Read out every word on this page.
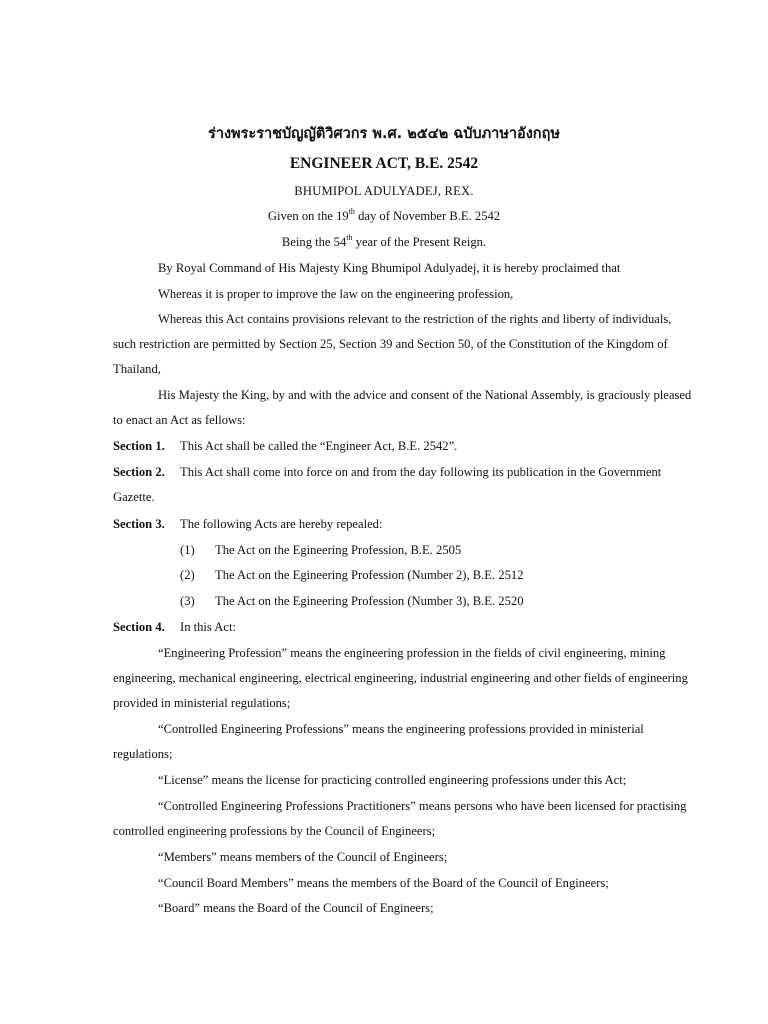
ร่างพระราชบัญญัติวิศวกร พ.ศ. ๒๕๔๒ ฉบับภาษาอังกฤษ
ENGINEER ACT, B.E. 2542
BHUMIPOL ADULYADEJ, REX.
Given on the 19th day of November B.E. 2542
Being the 54th year of the Present Reign.
By Royal Command of His Majesty King Bhumipol Adulyadej, it is hereby proclaimed that
Whereas it is proper to improve the law on the engineering profession,
Whereas this Act contains provisions relevant to the restriction of the rights and liberty of individuals,
such restriction are permitted by Section 25, Section 39 and Section 50, of the Constitution of the Kingdom of
Thailand,
His Majesty the King, by and with the advice and consent of the National Assembly, is graciously pleased
to enact an Act as fellows:
Section 1. This Act shall be called the “Engineer Act, B.E. 2542”.
Section 2. This Act shall come into force on and from the day following its publication in the Government
Gazette.
Section 3. The following Acts are hereby repealed:
(1) The Act on the Egineering Profession, B.E. 2505
(2) The Act on the Egineering Profession (Number 2), B.E. 2512
(3) The Act on the Egineering Profession (Number 3), B.E. 2520
Section 4. In this Act:
“Engineering Profession” means the engineering profession in the fields of civil engineering, mining
engineering, mechanical engineering, electrical engineering, industrial engineering and other fields of engineering
provided in ministerial regulations;
“Controlled Engineering Professions” means the engineering professions provided in ministerial
regulations;
“License” means the license for practicing controlled engineering professions under this Act;
“Controlled Engineering Professions Practitioners” means persons who have been licensed for practising
controlled engineering professions by the Council of Engineers;
“Members” means members of the Council of Engineers;
“Council Board Members” means the members of the Board of the Council of Engineers;
“Board” means the Board of the Council of Engineers;
